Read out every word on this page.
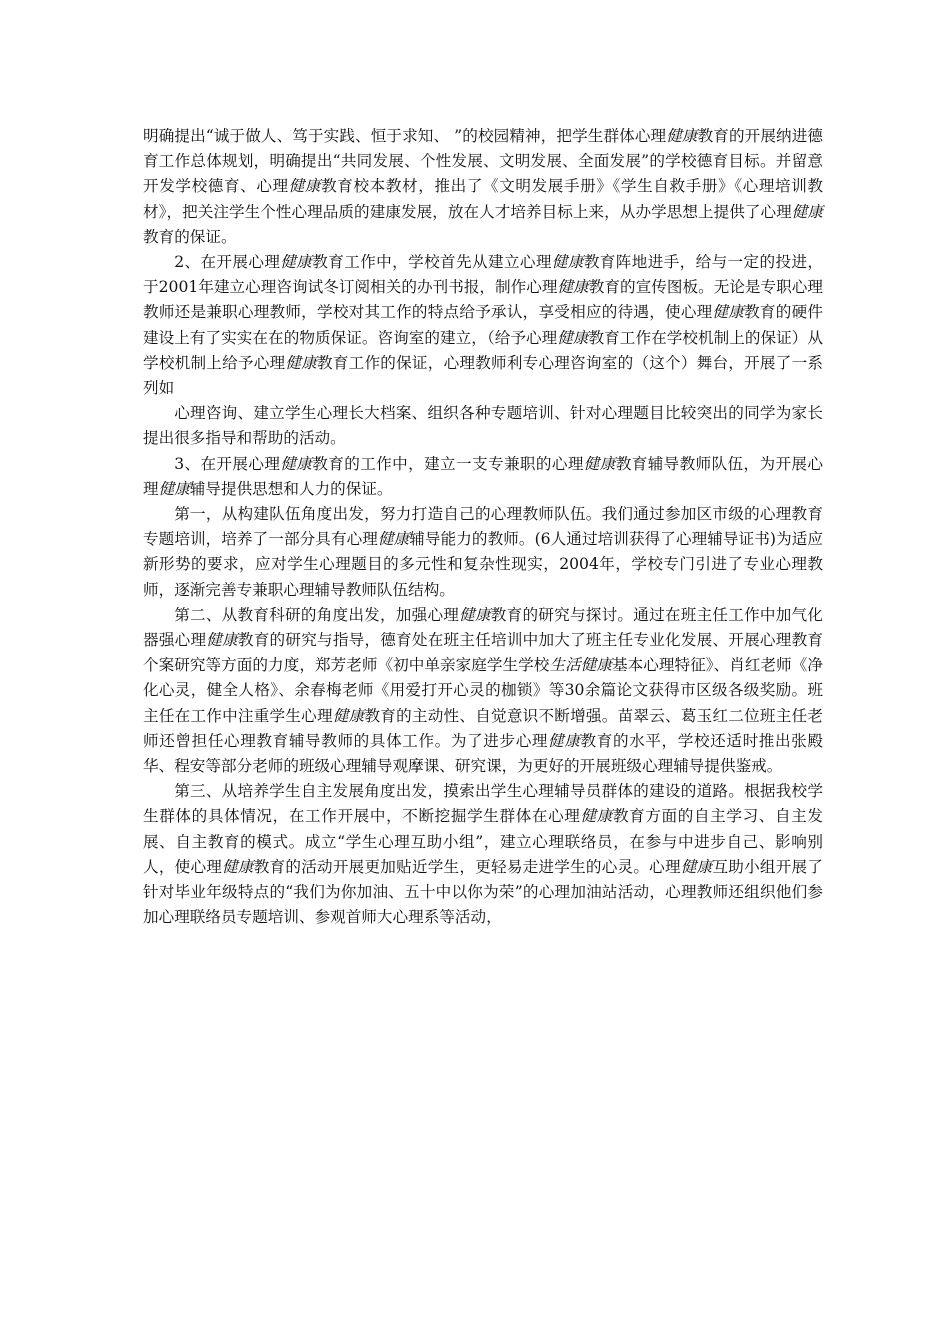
明确提出“诚于做人、笃于实践、恒于求知、 ”的校园精神，把学生群体心理健康教育的开展纳进德育工作总体规划，明确提出“共同发展、个性发展、文明发展、全面发展”的学校德育目标。并留意开发学校德育、心理健康教育校本教材，推出了《文明发展手册》《学生自救手册》《心理培训教材》，把关注学生个性心理品质的建康发展，放在人才培养目标上来，从办学思想上提供了心理健康教育的保证。

2、在开展心理健康教育工作中，学校首先从建立心理健康教育阵地进手，给与一定的投进，于2001年建立心理咨询试冬订阅相关的办刊书报，制作心理健康教育的宣传图板。无论是专职心理教师还是兼职心理教师，学校对其工作的特点给予承认，享受相应的待遇，使心理健康教育的硬件建设上有了实实在在的物质保证。咨询室的建立，（给予心理健康教育工作在学校机制上的保证）从学校机制上给予心理健康教育工作的保证，心理教师利专心理咨询室的（这个）舞台，开展了一系列如

心理咨询、建立学生心理长大档案、组织各种专题培训、针对心理题目比较突出的同学为家长提出很多指导和帮助的活动。

3、在开展心理健康教育的工作中，建立一支专兼职的心理健康教育辅导教师队伍，为开展心理健康辅导提供思想和人力的保证。

第一，从构建队伍角度出发，努力打造自己的心理教师队伍。我们通过参加区市级的心理教育专题培训，培养了一部分具有心理健康辅导能力的教师。(6人通过培训获得了心理辅导证书)为适应新形势的要求，应对学生心理题目的多元性和复杂性现实，2004年，学校专门引进了专业心理教师，逐渐完善专兼职心理辅导教师队伍结构。

第二、从教育科研的角度出发，加强心理健康教育的研究与探讨。通过在班主任工作中加气化器强心理健康教育的研究与指导，德育处在班主任培训中加大了班主任专业化发展、开展心理教育个案研究等方面的力度，郑芳老师《初中单亲家庭学生学校生活健康基本心理特征》、肖红老师《净化心灵，健全人格》、余春梅老师《用爱打开心灵的枷锁》等30余篇论文获得市区级各级奖励。班主任在工作中注重学生心理健康教育的主动性、自觉意识不断增强。苗翠云、葛玉红二位班主任老师还曾担任心理教育辅导教师的具体工作。为了进步心理健康教育的水平，学校还适时推出张殿华、程安等部分老师的班级心理辅导观摩课、研究课，为更好的开展班级心理辅导提供鉴戒。

第三、从培养学生自主发展角度出发，摸索出学生心理辅导员群体的建设的道路。根据我校学生群体的具体情况，在工作开展中，不断挖掘学生群体在心理健康教育方面的自主学习、自主发展、自主教育的模式。成立“学生心理互助小组”，建立心理联络员，在参与中进步自己、影响别人，使心理健康教育的活动开展更加贴近学生，更轻易走进学生的心灵。心理健康互助小组开展了针对毕业年级特点的“我们为你加油、五十中以你为荣”的心理加油站活动，心理教师还组织他们参加心理联络员专题培训、参观首师大心理系等活动，
